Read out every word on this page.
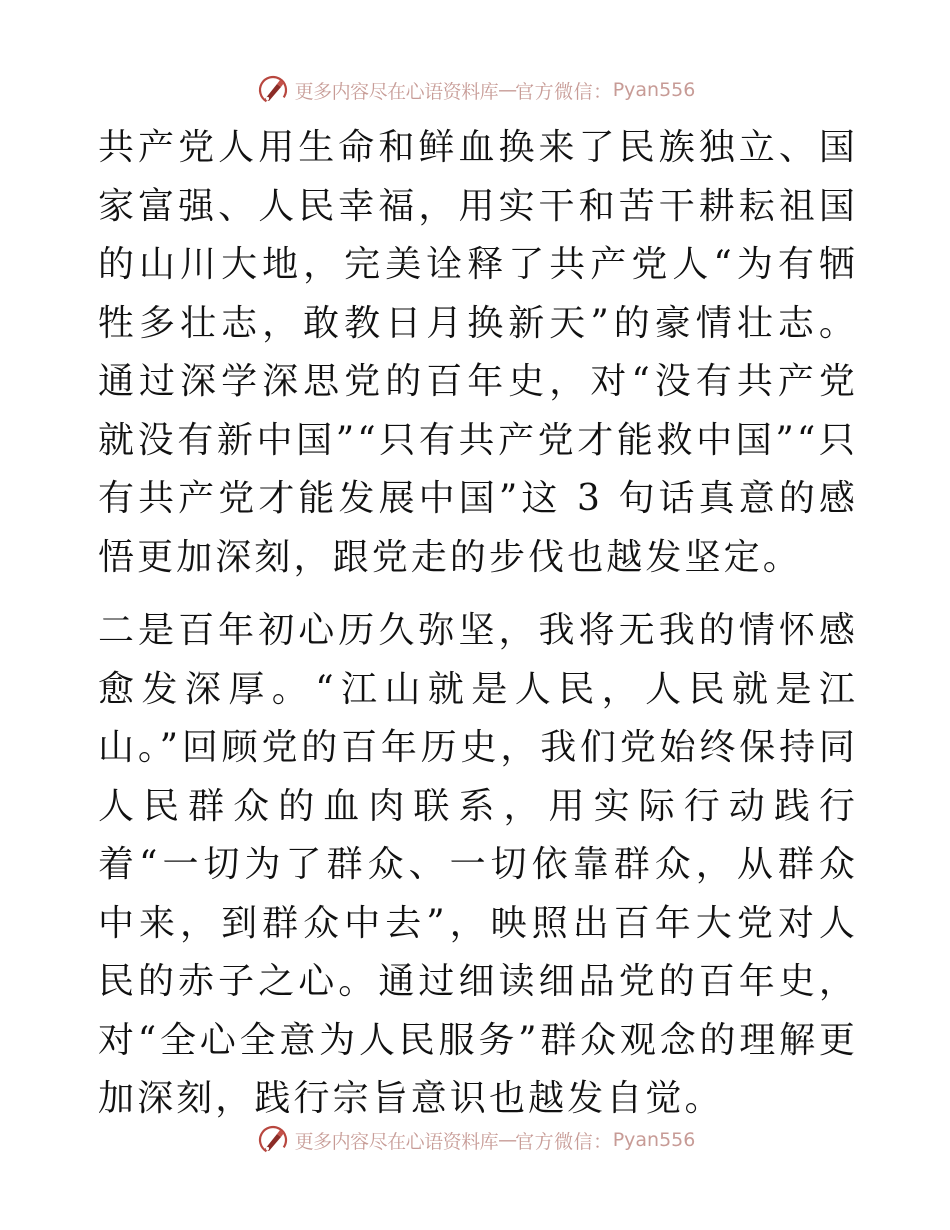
更多内容尽在心语资料库 — 官方微信： Pyan556

共产党人用生命和鲜血换来了民族独立、国家富强、人民幸福，用实干和苦干耕耘祖国的山川大地，完美诠释了共产党人“为有牺牲多壮志，敢教日月换新天”的豪情壮志。通过深学深思党的百年史，对“没有共产党就没有新中国”“只有共产党才能救中国”“只有共产党才能发展中国”这 3 句话真意的感悟更加深刻，跟党走的步伐也越发坚定。

二是百年初心历久弥坚，我将无我的情怀感愈发深厚。“江山就是人民，人民就是江山。”回顾党的百年历史，我们党始终保持同人民群众的血肉联系，用实际行动践行着“一切为了群众、一切依靠群众，从群众中来，到群众中去”，映照出百年大党对人民的赤子之心。通过细读细品党的百年史，对“全心全意为人民服务”群众观念的理解更加深刻，践行宗旨意识也越发自觉。

更多内容尽在心语资料库 — 官方微信： Pyan556
